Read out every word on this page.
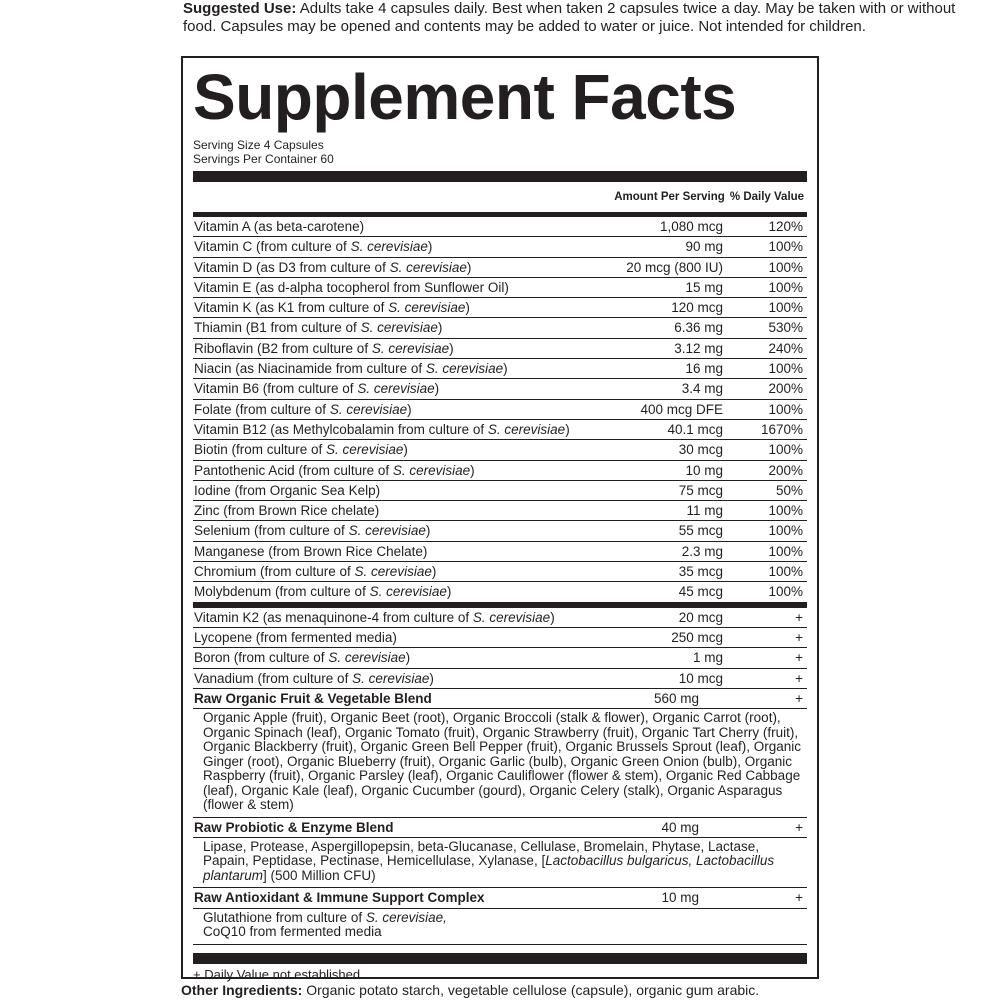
Suggested Use: Adults take 4 capsules daily. Best when taken 2 capsules twice a day. May be taken with or without food. Capsules may be opened and contents may be added to water or juice. Not intended for children.
Supplement Facts
Serving Size 4 Capsules
Servings Per Container 60
Amount Per Serving % Daily Value
Vitamin A (as beta-carotene)	1,080 mcg	120%
Vitamin C (from culture of S. cerevisiae)	90 mg	100%
Vitamin D (as D3 from culture of S. cerevisiae)	20 mcg (800 IU)	100%
Vitamin E (as d-alpha tocopherol from Sunflower Oil)	15 mg	100%
Vitamin K (as K1 from culture of S. cerevisiae)	120 mcg	100%
Thiamin (B1 from culture of S. cerevisiae)	6.36 mg	530%
Riboflavin (B2 from culture of S. cerevisiae)	3.12 mg	240%
Niacin (as Niacinamide from culture of S. cerevisiae)	16 mg	100%
Vitamin B6 (from culture of S. cerevisiae)	3.4 mg	200%
Folate (from culture of S. cerevisiae)	400 mcg DFE	100%
Vitamin B12 (as Methylcobalamin from culture of S. cerevisiae)	40.1 mcg	1670%
Biotin (from culture of S. cerevisiae)	30 mcg	100%
Pantothenic Acid (from culture of S. cerevisiae)	10 mg	200%
Iodine (from Organic Sea Kelp)	75 mcg	50%
Zinc (from Brown Rice chelate)	11 mg	100%
Selenium (from culture of S. cerevisiae)	55 mcg	100%
Manganese (from Brown Rice Chelate)	2.3 mg	100%
Chromium (from culture of S. cerevisiae)	35 mcg	100%
Molybdenum (from culture of S. cerevisiae)	45 mcg	100%
Vitamin K2 (as menaquinone-4 from culture of S. cerevisiae)	20 mcg	+
Lycopene (from fermented media)	250 mcg	+
Boron (from culture of S. cerevisiae)	1 mg	+
Vanadium (from culture of S. cerevisiae)	10 mcg	+
Raw Organic Fruit & Vegetable Blend	560 mg	+
Organic Apple (fruit), Organic Beet (root), Organic Broccoli (stalk & flower), Organic Carrot (root), Organic Spinach (leaf), Organic Tomato (fruit), Organic Strawberry (fruit), Organic Tart Cherry (fruit), Organic Blackberry (fruit), Organic Green Bell Pepper (fruit), Organic Brussels Sprout (leaf), Organic Ginger (root), Organic Blueberry (fruit), Organic Garlic (bulb), Organic Green Onion (bulb), Organic Raspberry (fruit), Organic Parsley (leaf), Organic Cauliflower (flower & stem), Organic Red Cabbage (leaf), Organic Kale (leaf), Organic Cucumber (gourd), Organic Celery (stalk), Organic Asparagus (flower & stem)
Raw Probiotic & Enzyme Blend	40 mg	+
Lipase, Protease, Aspergillopepsin, beta-Glucanase, Cellulase, Bromelain, Phytase, Lactase, Papain, Peptidase, Pectinase, Hemicellulase, Xylanase, [Lactobacillus bulgaricus, Lactobacillus plantarum] (500 Million CFU)
Raw Antioxidant & Immune Support Complex	10 mg	+
Glutathione from culture of S. cerevisiae,
CoQ10 from fermented media
+ Daily Value not established.
Other Ingredients: Organic potato starch, vegetable cellulose (capsule), organic gum arabic.
